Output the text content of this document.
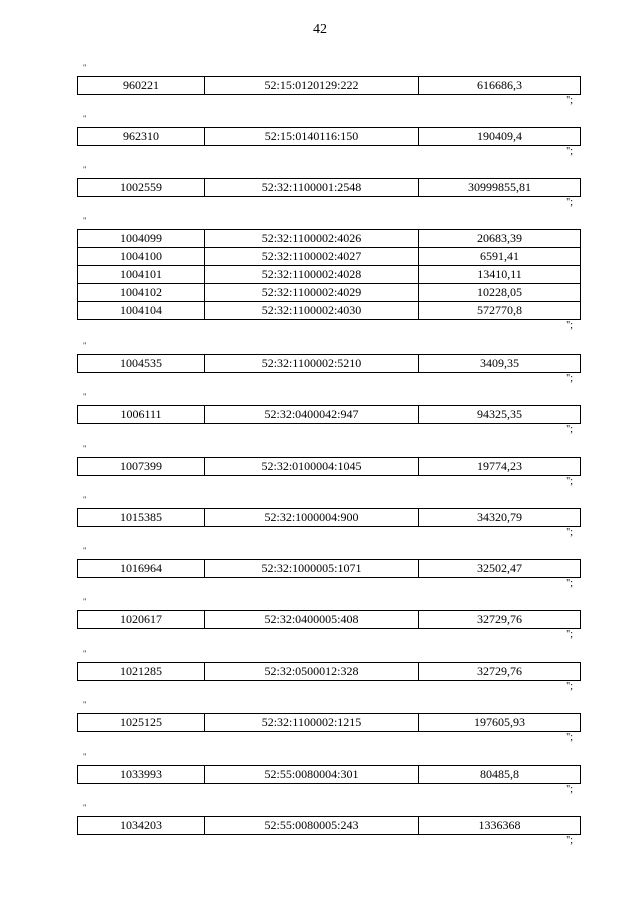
42
"
960221	52:15:0120129:222	616686,3
";
"
962310	52:15:0140116:150	190409,4
";
"
1002559	52:32:1100001:2548	30999855,81
";
"
1004099	52:32:1100002:4026	20683,39
1004100	52:32:1100002:4027	6591,41
1004101	52:32:1100002:4028	13410,11
1004102	52:32:1100002:4029	10228,05
1004104	52:32:1100002:4030	572770,8
";
"
1004535	52:32:1100002:5210	3409,35
";
"
1006111	52:32:0400042:947	94325,35
";
"
1007399	52:32:0100004:1045	19774,23
";
"
1015385	52:32:1000004:900	34320,79
";
"
1016964	52:32:1000005:1071	32502,47
";
"
1020617	52:32:0400005:408	32729,76
";
"
1021285	52:32:0500012:328	32729,76
";
"
1025125	52:32:1100002:1215	197605,93
";
"
1033993	52:55:0080004:301	80485,8
";
"
1034203	52:55:0080005:243	1336368
";
